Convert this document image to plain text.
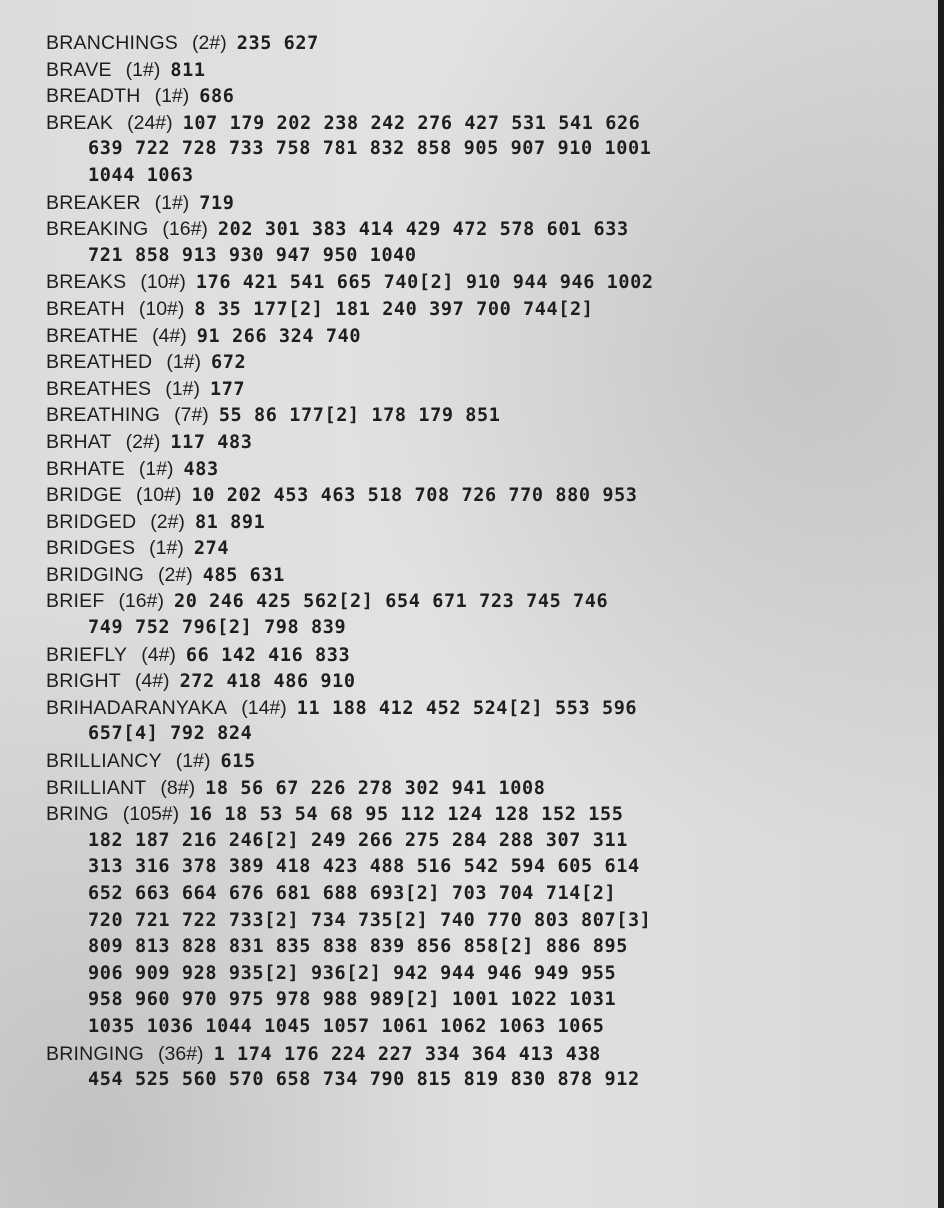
BRANCHINGS (2#) 235 627
BRAVE (1#) 811
BREADTH (1#) 686
BREAK (24#) 107 179 202 238 242 276 427 531 541 626
639 722 728 733 758 781 832 858 905 907 910 1001
1044 1063
BREAKER (1#) 719
BREAKING (16#) 202 301 383 414 429 472 578 601 633
721 858 913 930 947 950 1040
BREAKS (10#) 176 421 541 665 740[2] 910 944 946 1002
BREATH (10#) 8 35 177[2] 181 240 397 700 744[2]
BREATHE (4#) 91 266 324 740
BREATHED (1#) 672
BREATHES (1#) 177
BREATHING (7#) 55 86 177[2] 178 179 851
BRHAT (2#) 117 483
BRHATE (1#) 483
BRIDGE (10#) 10 202 453 463 518 708 726 770 880 953
BRIDGED (2#) 81 891
BRIDGES (1#) 274
BRIDGING (2#) 485 631
BRIEF (16#) 20 246 425 562[2] 654 671 723 745 746
749 752 796[2] 798 839
BRIEFLY (4#) 66 142 416 833
BRIGHT (4#) 272 418 486 910
BRIHADARANYAKA (14#) 11 188 412 452 524[2] 553 596
657[4] 792 824
BRILLIANCY (1#) 615
BRILLIANT (8#) 18 56 67 226 278 302 941 1008
BRING (105#) 16 18 53 54 68 95 112 124 128 152 155
182 187 216 246[2] 249 266 275 284 288 307 311
313 316 378 389 418 423 488 516 542 594 605 614
652 663 664 676 681 688 693[2] 703 704 714[2]
720 721 722 733[2] 734 735[2] 740 770 803 807[3]
809 813 828 831 835 838 839 856 858[2] 886 895
906 909 928 935[2] 936[2] 942 944 946 949 955
958 960 970 975 978 988 989[2] 1001 1022 1031
1035 1036 1044 1045 1057 1061 1062 1063 1065
BRINGING (36#) 1 174 176 224 227 334 364 413 438
454 525 560 570 658 734 790 815 819 830 878 912
